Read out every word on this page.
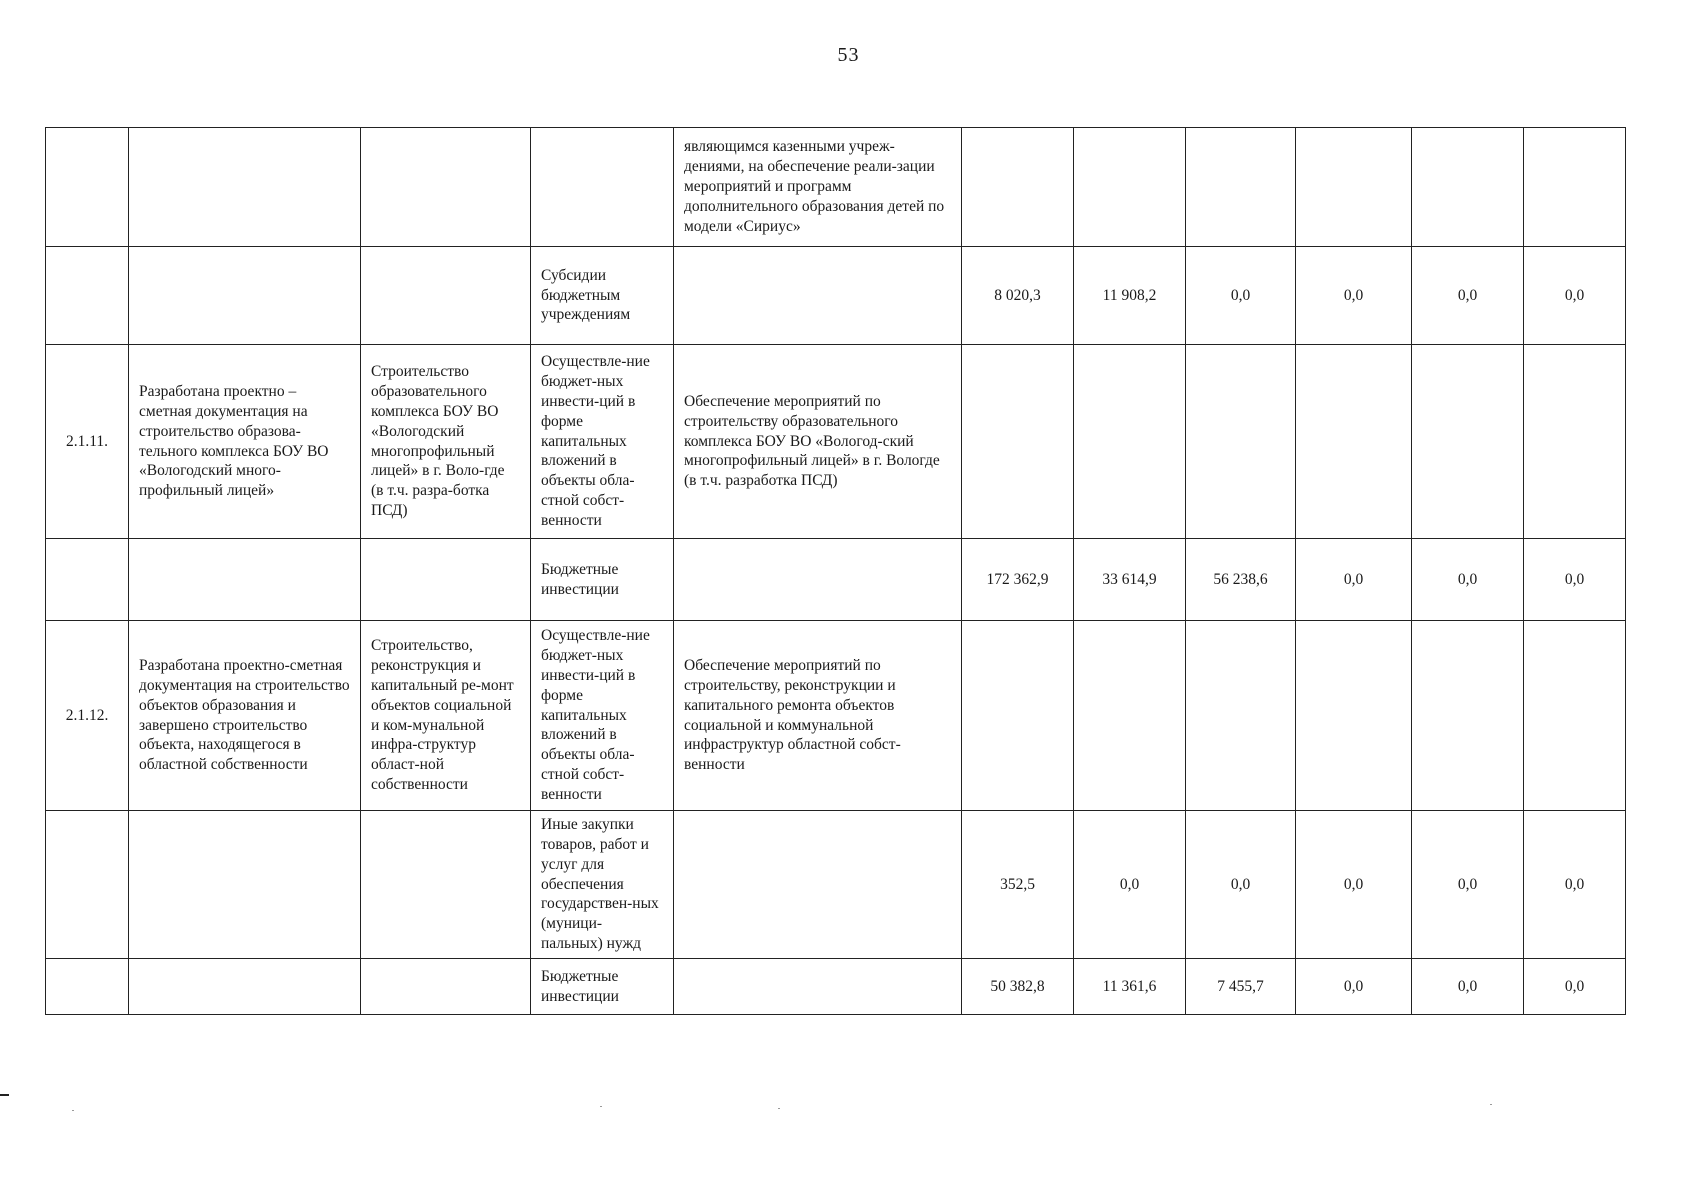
53
				являющимся казенными учреж-дениями, на обеспечение реали-зации мероприятий и программ дополнительного образования детей по модели «Сириус»						
			Субсидии бюджетным учреждениям		8 020,3	11 908,2	0,0	0,0	0,0	0,0
2.1.11.	Разработана проектно – сметная документация на строительство образова-тельного комплекса БОУ ВО «Вологодский много-профильный лицей»	Строительство образовательного комплекса БОУ ВО «Вологодский многопрофильный лицей» в г. Воло-где (в т.ч. разра-ботка ПСД)	Осуществле-ние бюджет-ных инвести-ций в форме капитальных вложений в объекты обла-стной собст-венности	Обеспечение мероприятий по строительству образовательного комплекса БОУ ВО «Вологод-ский многопрофильный лицей» в г. Вологде (в т.ч. разработка ПСД)						
			Бюджетные инвестиции		172 362,9	33 614,9	56 238,6	0,0	0,0	0,0
2.1.12.	Разработана проектно-сметная документация на строительство объектов образования и завершено строительство объекта, находящегося в областной собственности	Строительство, реконструкция и капитальный ре-монт объектов социальной и ком-мунальной инфра-структур област-ной собственности	Осуществле-ние бюджет-ных инвести-ций в форме капитальных вложений в объекты обла-стной собст-венности	Обеспечение мероприятий по строительству, реконструкции и капитального ремонта объектов социальной и коммунальной инфраструктур областной собст-венности						
			Иные закупки товаров, работ и услуг для обеспечения государствен-ных (муници-пальных) нужд		352,5	0,0	0,0	0,0	0,0	0,0
			Бюджетные инвестиции		50 382,8	11 361,6	7 455,7	0,0	0,0	0,0
